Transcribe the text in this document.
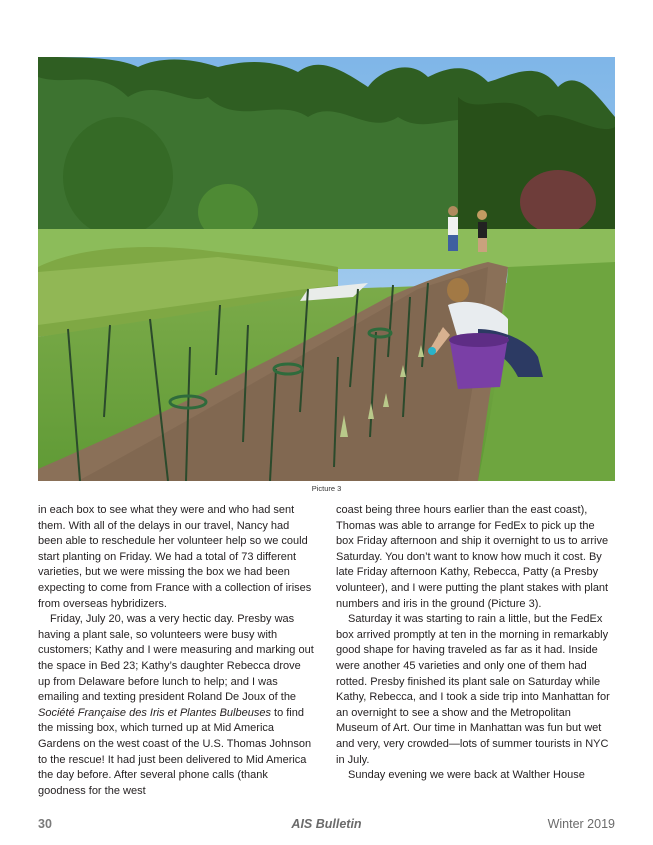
Picture 3

in each box to see what they were and who had sent them. With all of the delays in our travel, Nancy had been able to reschedule her volunteer help so we could start planting on Friday. We had a total of 73 different varieties, but we were missing the box we had been expecting to come from France with a collection of irises from overseas hybridizers.

Friday, July 20, was a very hectic day. Presby was having a plant sale, so volunteers were busy with customers; Kathy and I were measuring and marking out the space in Bed 23; Kathy’s daughter Rebecca drove up from Delaware before lunch to help; and I was emailing and texting president Roland De Joux of the Société Française des Iris et Plantes Bulbeuses to find the missing box, which turned up at Mid America Gardens on the west coast of the U.S. Thomas Johnson to the rescue! It had just been delivered to Mid America the day before. After several phone calls (thank goodness for the west

coast being three hours earlier than the east coast), Thomas was able to arrange for FedEx to pick up the box Friday afternoon and ship it overnight to us to arrive Saturday. You don’t want to know how much it cost. By late Friday afternoon Kathy, Rebecca, Patty (a Presby volunteer), and I were putting the plant stakes with plant numbers and iris in the ground (Picture 3).

Saturday it was starting to rain a little, but the FedEx box arrived promptly at ten in the morning in remarkably good shape for having traveled as far as it had. Inside were another 45 varieties and only one of them had rotted. Presby finished its plant sale on Saturday while Kathy, Rebecca, and I took a side trip into Manhattan for an overnight to see a show and the Metropolitan Museum of Art. Our time in Manhattan was fun but wet and very, very crowded—lots of summer tourists in NYC in July.

Sunday evening we were back at Walther House

AIS Bulletin
30	Winter 2019
